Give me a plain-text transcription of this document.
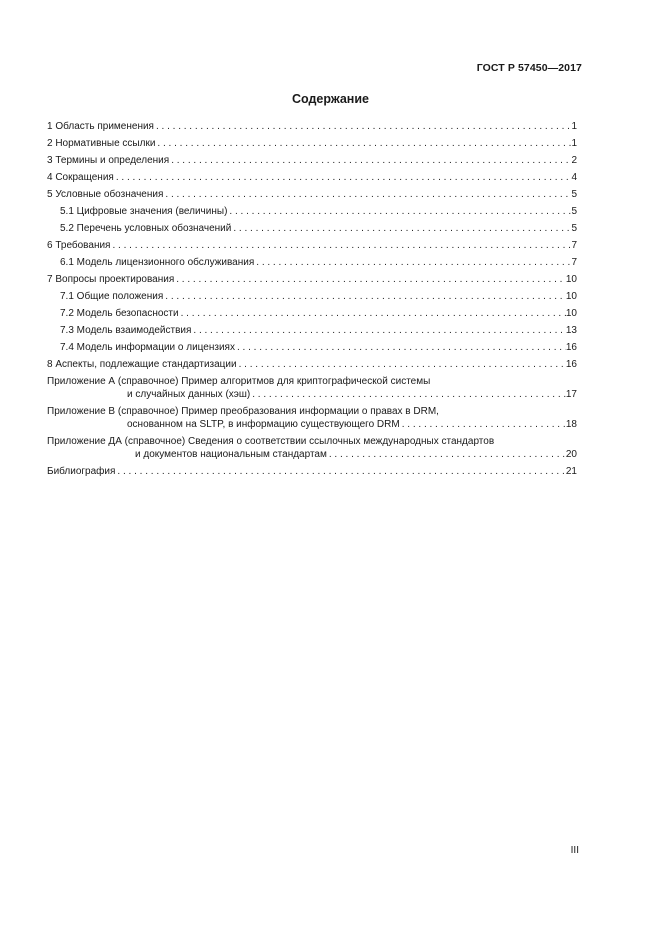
ГОСТ Р 57450—2017
Содержание
1 Область применения . . .	1
2 Нормативные ссылки . . .	1
3 Термины и определения . . .	2
4 Сокращения . . .	4
5 Условные обозначения . . .	5
5.1 Цифровые значения (величины) . . .	5
5.2 Перечень условных обозначений . . .	5
6 Требования . . .	7
6.1 Модель лицензионного обслуживания . . .	7
7 Вопросы проектирования . . .	10
7.1 Общие положения . . .	10
7.2 Модель безопасности . . .	10
7.3 Модель взаимодействия . . .	13
7.4 Модель информации о лицензиях . . .	16
8 Аспекты, подлежащие стандартизации . . .	16
Приложение А (справочное) Пример алгоритмов для криптографической системы
и случайных данных (хэш) . . .	17
Приложение В (справочное) Пример преобразования информации о правах в DRM,
основанном на SLTP, в информацию существующего DRM . . .	18
Приложение ДА (справочное) Сведения о соответствии ссылочных международных стандартов
и документов национальным стандартам . . .	20
Библиография . . .	21
III
